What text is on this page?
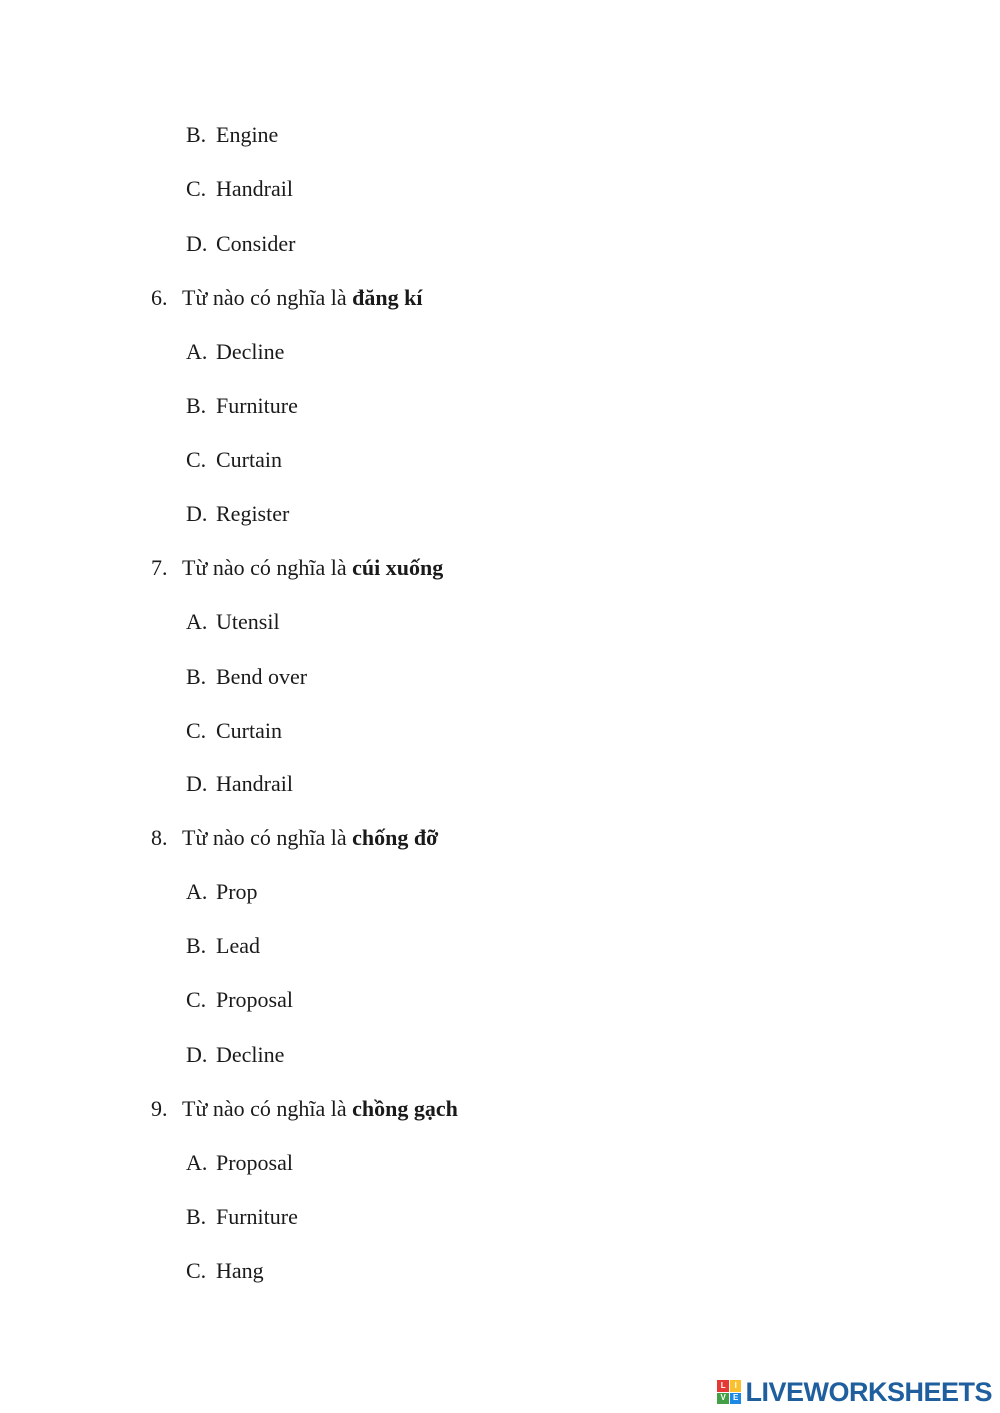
B. Engine
C. Handrail
D. Consider
6. Từ nào có nghĩa là đăng kí
A. Decline
B. Furniture
C. Curtain
D. Register
7. Từ nào có nghĩa là cúi xuống
A. Utensil
B. Bend over
C. Curtain
D. Handrail
8. Từ nào có nghĩa là chống đỡ
A. Prop
B. Lead
C. Proposal
D. Decline
9. Từ nào có nghĩa là chồng gạch
A. Proposal
B. Furniture
C. Hang
L	I
V E LIVEWORKSHEETS
